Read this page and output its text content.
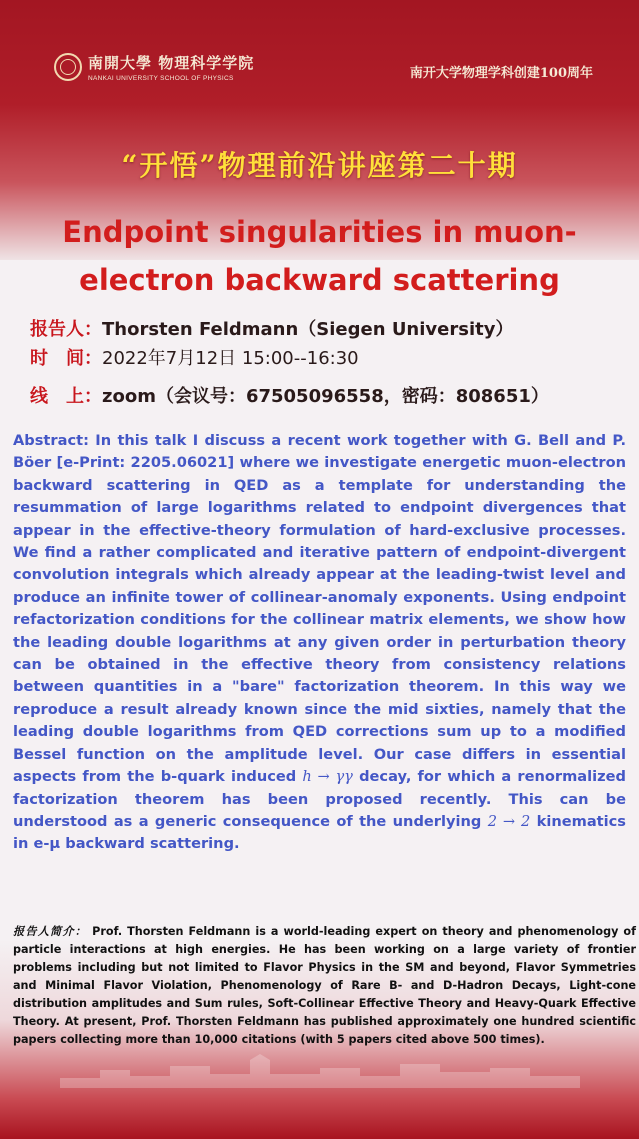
南開大學 物理科学学院
NANKAI UNIVERSITY SCHOOL OF PHYSICS	南开大学物理学科创建100周年
“开悟”物理前沿讲座第二十期
Endpoint singularities in muon-
electron backward scattering
报告人：Thorsten Feldmann（Siegen University）
时　间：2022年7月12日 15:00--16:30
线　上：zoom（会议号：67505096558，密码：808651）
Abstract: In this talk I discuss a recent work together with G. Bell and P. Böer [e-Print: 2205.06021] where we investigate energetic muon-electron backward scattering in QED as a template for understanding the resummation of large logarithms related to endpoint divergences that appear in the effective-theory formulation of hard-exclusive processes. We find a rather complicated and iterative pattern of endpoint-divergent convolution integrals which already appear at the leading-twist level and produce an infinite tower of collinear-anomaly exponents. Using endpoint refactorization conditions for the collinear matrix elements, we show how the leading double logarithms at any given order in perturbation theory can be obtained in the effective theory from consistency relations between quantities in a "bare" factorization theorem. In this way we reproduce a result already known since the mid sixties, namely that the leading double logarithms from QED corrections sum up to a modified Bessel function on the amplitude level. Our case differs in essential aspects from the b-quark induced h → γγ decay, for which a renormalized factorization theorem has been proposed recently. This can be understood as a generic consequence of the underlying 2 → 2 kinematics in e-μ backward scattering.
报告人简介： Prof. Thorsten Feldmann is a world-leading expert on theory and phenomenology of particle interactions at high energies. He has been working on a large variety of frontier problems including but not limited to Flavor Physics in the SM and beyond, Flavor Symmetries and Minimal Flavor Violation, Phenomenology of Rare B- and D-Hadron Decays, Light-cone distribution amplitudes and Sum rules, Soft-Collinear Effective Theory and Heavy-Quark Effective Theory. At present, Prof. Thorsten Feldmann has published approximately one hundred scientific papers collecting more than 10,000 citations (with 5 papers cited above 500 times).
